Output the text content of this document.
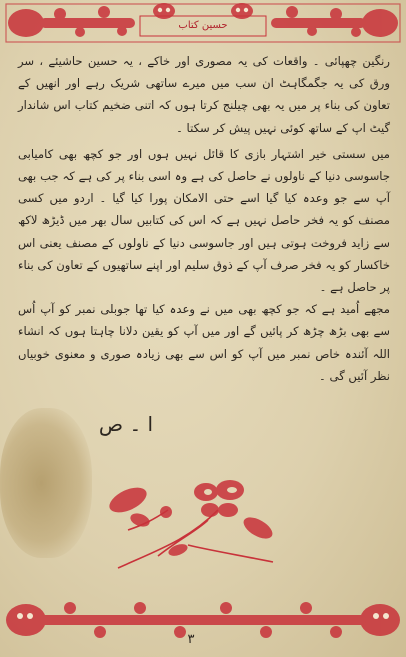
حسین کتاب

رنگین چھپائی ۔ واقعات کی یہ مصوری اور خاکے ، یہ حسین حاشیئے ، سر ورق کی یہ جگمگاہٹ ان سب میں میرے ساتھی شریک رہے اور انھیں کے تعاون کی بناء پر میں یہ بھی چیلنج کرتا ہوں کہ اتنی ضخیم کتاب اس شاندار گیٹ اپ کے ساتھ کوئی نہیں پیش کر سکتا ۔

میں سستی خیر اشتہار بازی کا قائل نہیں ہوں اور جو کچھ بھی کامیابی جاسوسی دنیا کے ناولوں نے حاصل کی ہے وہ اسی بناء پر کی ہے کہ جب بھی آپ سے جو وعدہ کیا گیا اسے حتی الامکان پورا کیا گیا ۔ اردو میں کسی مصنف کو یہ فخر حاصل نہیں ہے کہ اس کی کتابیں سال بھر میں ڈیڑھ لاکھ سے زاید فروخت ہوتی ہیں اور جاسوسی دنیا کے ناولوں کے مصنف یعنی اس خاکسار کو یہ فخر صرف آپ کے ذوق سلیم اور اپنے ساتھیوں کے تعاون کی بناء پر حاصل ہے ۔

مجھے اُمید ہے کہ جو کچھ بھی میں نے وعدہ کیا تھا جوبلی نمبر کو آپ اُس سے بھی بڑھ چڑھ کر پائیں گے اور میں آپ کو یقین دلانا چاہتا ہوں کہ انشاء اللہ آئندہ خاص نمبر میں آپ کو اس سے بھی زیادہ صوری و معنوی خوبیاں نظر آئیں گی ۔

ا ۔ ص
۳
